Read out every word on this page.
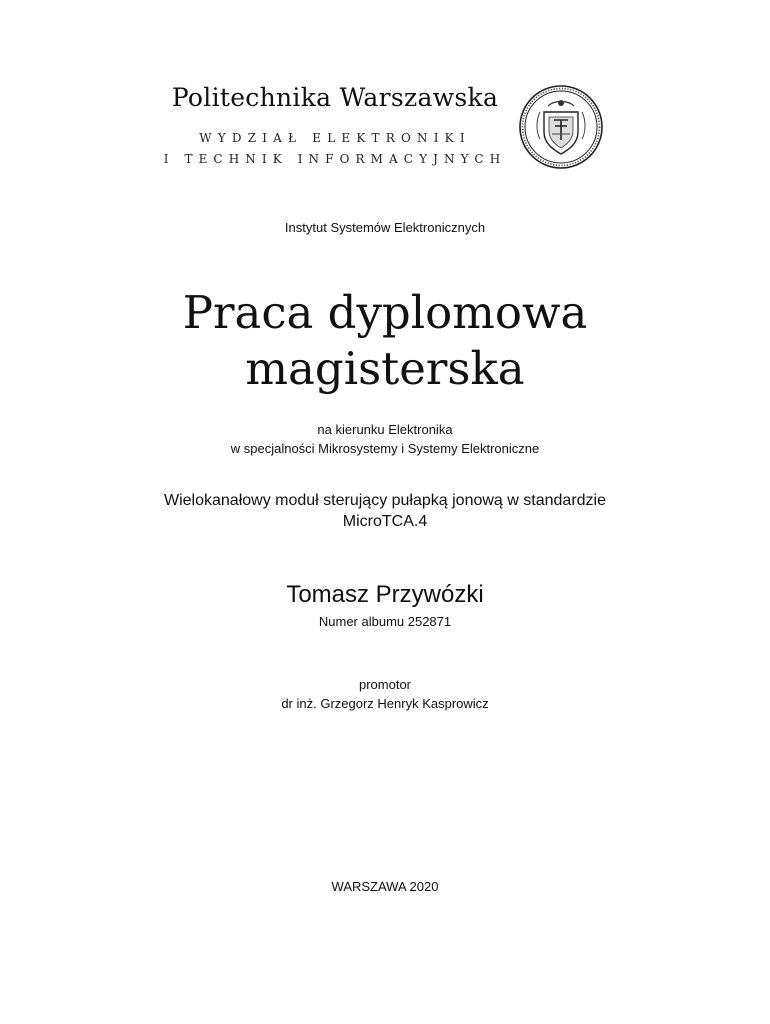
Politechnika Warszawska
WYDZIAŁ ELEKTRONIKI
I TECHNIK INFORMACYJNYCH
Instytut Systemów Elektronicznych
Praca dyplomowa
magisterska
na kierunku Elektronika
w specjalności Mikrosystemy i Systemy Elektroniczne
Wielokanałowy moduł sterujący pułapką jonową w standardzie
MicroTCA.4
Tomasz Przywózki
Numer albumu 252871
promotor
dr inż. Grzegorz Henryk Kasprowicz
WARSZAWA 2020
